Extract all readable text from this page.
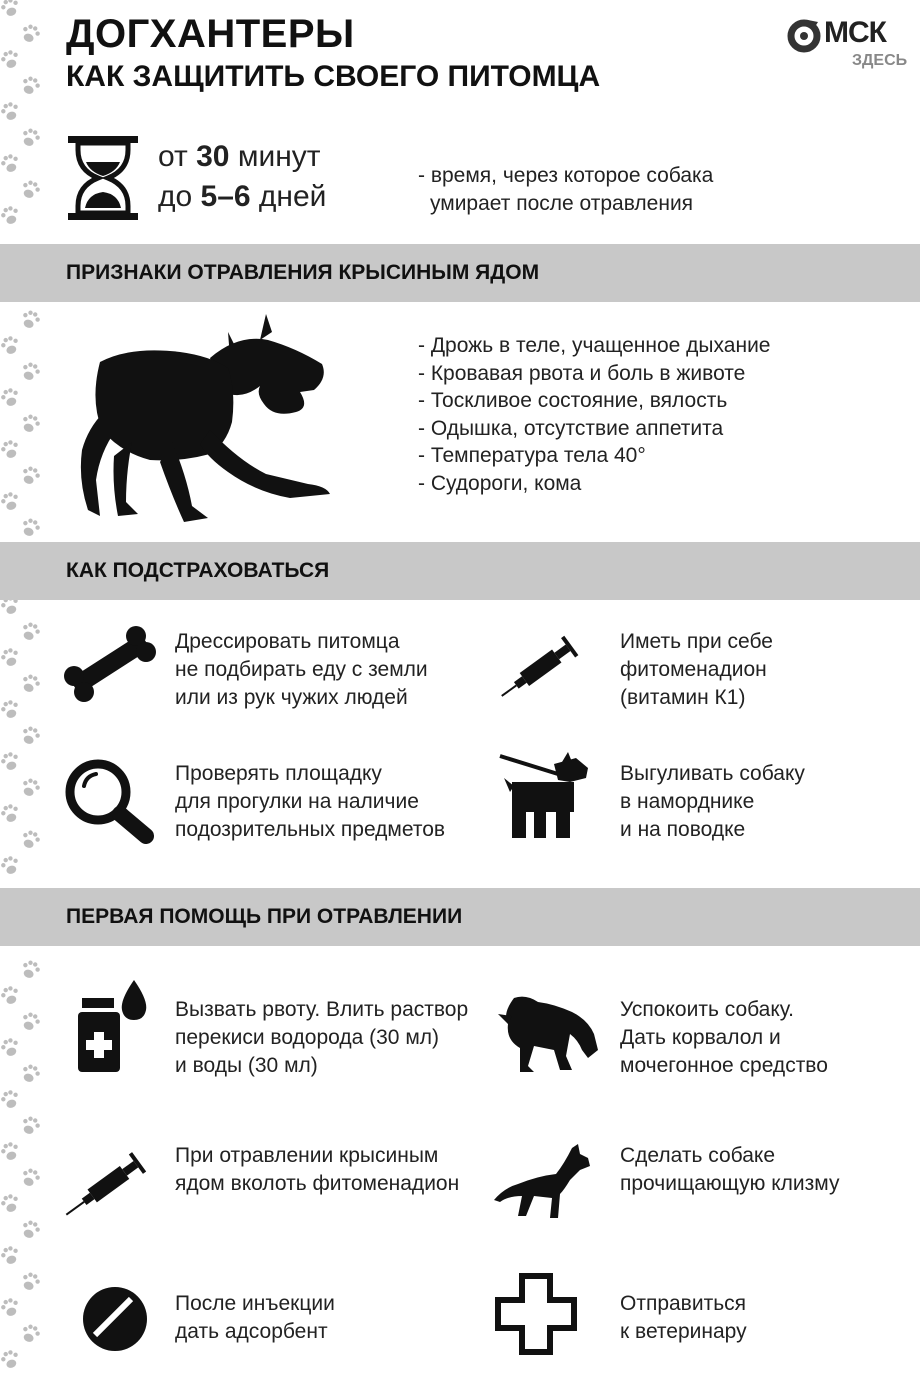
ДОГХАНТЕРЫ
КАК ЗАЩИТИТЬ СВОЕГО ПИТОМЦА
МСК
ЗДЕСЬ
от 30 минут
до 5–6 дней
- время, через которое собака
умирает после отравления
ПРИЗНАКИ ОТРАВЛЕНИЯ КРЫСИНЫМ ЯДОМ
- Дрожь в теле, учащенное дыхание
- Кровавая рвота и боль в животе
- Тоскливое состояние, вялость
- Одышка, отсутствие аппетита
- Температура тела 40°
- Судороги, кома
КАК ПОДСТРАХОВАТЬСЯ
Дрессировать питомца
не подбирать еду с земли
или из рук чужих людей
Иметь при себе
фитоменадион
(витамин К1)
Проверять площадку
для прогулки на наличие
подозрительных предметов
Выгуливать собаку
в наморднике
и на поводке
ПЕРВАЯ ПОМОЩЬ ПРИ ОТРАВЛЕНИИ
Вызвать рвоту. Влить раствор
перекиси водорода (30 мл)
и воды (30 мл)
Успокоить собаку.
Дать корвалол и
мочегонное средство
При отравлении крысиным
ядом вколоть фитоменадион
Сделать собаке
прочищающую клизму
После инъекции
дать адсорбент
Отправиться
к ветеринару
